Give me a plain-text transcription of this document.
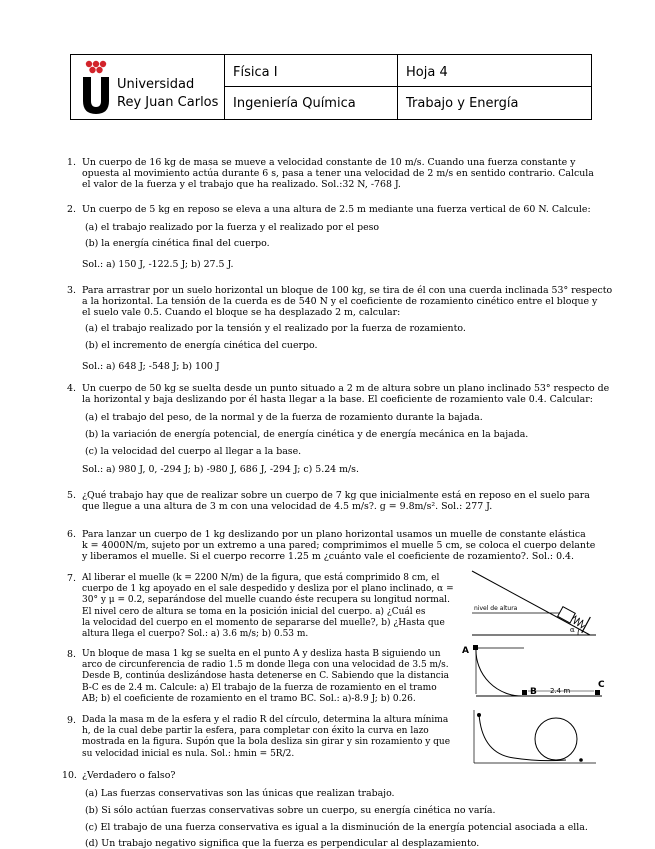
Universidad
Rey Juan Carlos
Física I
Ingeniería Química
Hoja 4
Trabajo y Energía
1. Un cuerpo de 16 kg de masa se mueve a velocidad constante de 10 m/s. Cuando una fuerza constante y
opuesta al movimiento actúa durante 6 s, pasa a tener una velocidad de 2 m/s en sentido contrario. Calcula
el valor de la fuerza y el trabajo que ha realizado. Sol.:32 N, -768 J.
2. Un cuerpo de 5 kg en reposo se eleva a una altura de 2.5 m mediante una fuerza vertical de 60 N. Calcule:
(a) el trabajo realizado por la fuerza y el realizado por el peso
(b) la energía cinética final del cuerpo.
Sol.: a) 150 J, -122.5 J; b) 27.5 J.
3. Para arrastrar por un suelo horizontal un bloque de 100 kg, se tira de él con una cuerda inclinada 53° respecto
a la horizontal. La tensión de la cuerda es de 540 N y el coeficiente de rozamiento cinético entre el bloque y
el suelo vale 0.5. Cuando el bloque se ha desplazado 2 m, calcular:
(a) el trabajo realizado por la tensión y el realizado por la fuerza de rozamiento.
(b) el incremento de energía cinética del cuerpo.
Sol.: a) 648 J; -548 J; b) 100 J
4. Un cuerpo de 50 kg se suelta desde un punto situado a 2 m de altura sobre un plano inclinado 53° respecto de
la horizontal y baja deslizando por él hasta llegar a la base. El coeficiente de rozamiento vale 0.4. Calcular:
(a) el trabajo del peso, de la normal y de la fuerza de rozamiento durante la bajada.
(b) la variación de energía potencial, de energía cinética y de energía mecánica en la bajada.
(c) la velocidad del cuerpo al llegar a la base.
Sol.: a) 980 J, 0, -294 J; b) -980 J, 686 J, -294 J; c) 5.24 m/s.
5. ¿Qué trabajo hay que de realizar sobre un cuerpo de 7 kg que inicialmente está en reposo en el suelo para
que llegue a una altura de 3 m con una velocidad de 4.5 m/s?. g = 9.8m/s². Sol.: 277 J.
6. Para lanzar un cuerpo de 1 kg deslizando por un plano horizontal usamos un muelle de constante elástica
k = 4000N/m, sujeto por un extremo a una pared; comprimimos el muelle 5 cm, se coloca el cuerpo delante
y liberamos el muelle. Si el cuerpo recorre 1.25 m ¿cuánto vale el coeficiente de rozamiento?. Sol.: 0.4.
7. Al liberar el muelle (k = 2200 N/m) de la figura, que está comprimido 8 cm, el
cuerpo de 1 kg apoyado en el sale despedido y desliza por el plano inclinado, α =
30° y μ = 0.2, separándose del muelle cuando éste recupera su longitud normal.
El nivel cero de altura se toma en la posición inicial del cuerpo. a) ¿Cuál es
la velocidad del cuerpo en el momento de separarse del muelle?, b) ¿Hasta que
altura llega el cuerpo? Sol.: a) 3.6 m/s; b) 0.53 m.
nivel de altura
α
8. Un bloque de masa 1 kg se suelta en el punto A y desliza hasta B siguiendo un
arco de circunferencia de radio 1.5 m donde llega con una velocidad de 3.5 m/s.
Desde B, continúa deslizándose hasta detenerse en C. Sabiendo que la distancia
B-C es de 2.4 m. Calcule: a) El trabajo de la fuerza de rozamiento en el tramo
AB; b) el coeficiente de rozamiento en el tramo BC. Sol.: a)-8.9 J; b) 0.26.
A
B
C
2.4 m
9. Dada la masa m de la esfera y el radio R del círculo, determina la altura mínima
h, de la cual debe partir la esfera, para completar con éxito la curva en lazo
mostrada en la figura. Supón que la bola desliza sin girar y sin rozamiento y que
su velocidad inicial es nula. Sol.: hmin = 5R/2.
10. ¿Verdadero o falso?
(a) Las fuerzas conservativas son las únicas que realizan trabajo.
(b) Si sólo actúan fuerzas conservativas sobre un cuerpo, su energía cinética no varía.
(c) El trabajo de una fuerza conservativa es igual a la disminución de la energía potencial asociada a ella.
(d) Un trabajo negativo significa que la fuerza es perpendicular al desplazamiento.
